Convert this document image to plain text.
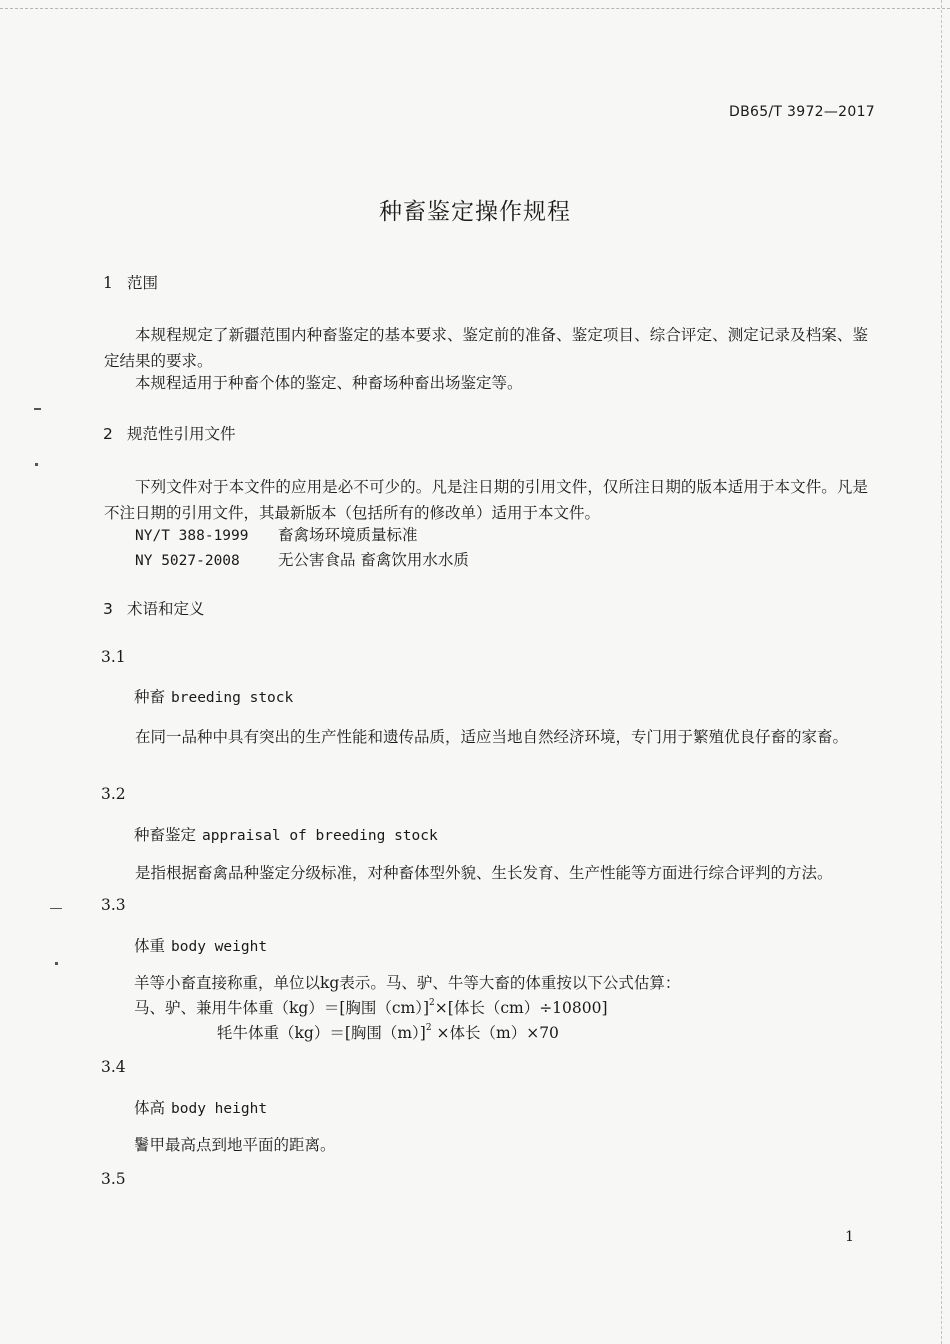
DB65/T 3972—2017
种畜鉴定操作规程
1 范围
本规程规定了新疆范围内种畜鉴定的基本要求、鉴定前的准备、鉴定项目、综合评定、测定记录及档案、鉴定结果的要求。
本规程适用于种畜个体的鉴定、种畜场种畜出场鉴定等。
2 规范性引用文件
下列文件对于本文件的应用是必不可少的。凡是注日期的引用文件，仅所注日期的版本适用于本文件。凡是不注日期的引用文件，其最新版本（包括所有的修改单）适用于本文件。
NY/T 388-1999 畜禽场环境质量标准
NY 5027-2008 无公害食品 畜禽饮用水水质
3 术语和定义
3.1
种畜 breeding stock
在同一品种中具有突出的生产性能和遗传品质，适应当地自然经济环境，专门用于繁殖优良仔畜的家畜。
3.2
种畜鉴定 appraisal of breeding stock
是指根据畜禽品种鉴定分级标准，对种畜体型外貌、生长发育、生产性能等方面进行综合评判的方法。
3.3
体重 body weight
羊等小畜直接称重，单位以kg表示。马、驴、牛等大畜的体重按以下公式估算：
马、驴、兼用牛体重（kg）＝[胸围（cm）]$^2$×[体长（cm）÷10800]
牦牛体重（kg）＝[胸围（m）]$^2$ ×体长（m）×70
3.4
体高 body height
鬐甲最高点到地平面的距离。
3.5
1
